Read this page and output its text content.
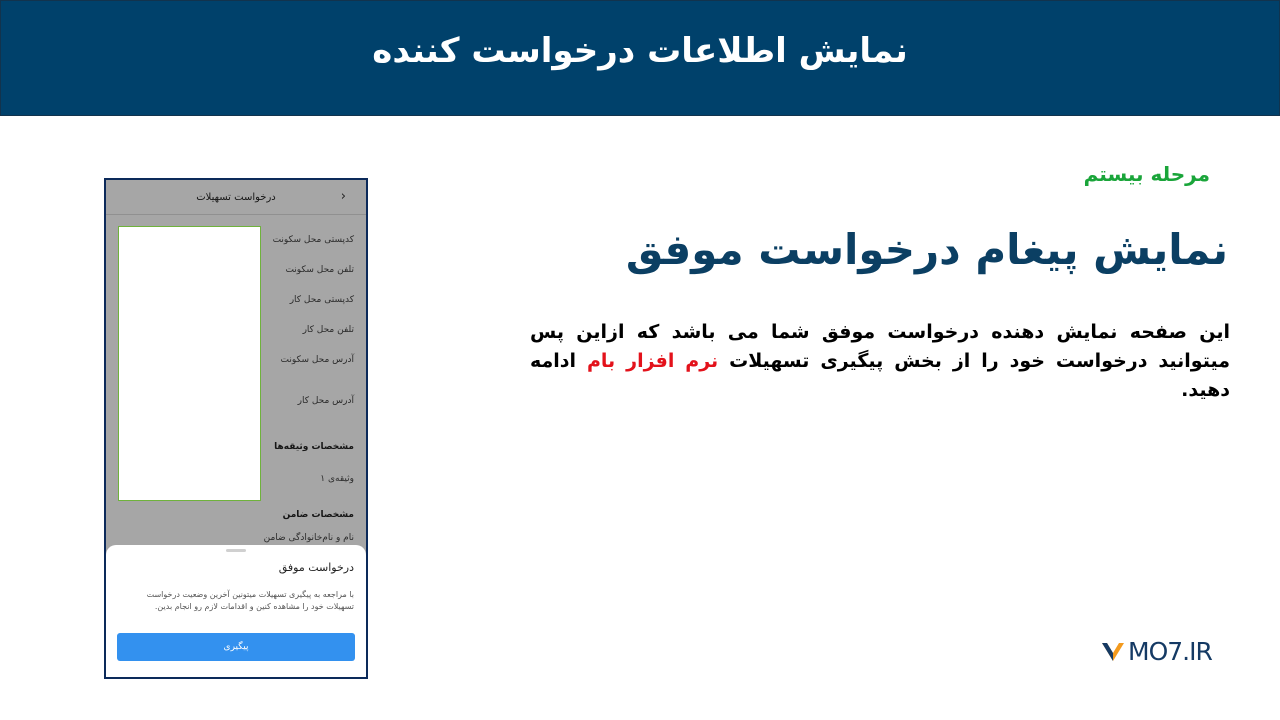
نمایش اطلاعات درخواست کننده
مرحله بیستم
نمایش پیغام درخواست موفق
این صفحه نمایش دهنده درخواست موفق شما می باشد که ازاین پس میتوانید درخواست خود را از بخش پیگیری تسهیلات نرم افزار بام ادامه دهید.
‹
درخواست تسهیلات
کدپستی محل سکونت
تلفن محل سکونت
کدپستی محل کار
تلفن محل کار
آدرس محل سکونت
آدرس محل کار
مشخصات وثیقه‌ها
وثیقه‌ی ۱
مشخصات ضامن
نام و نام‌خانوادگی ضامن
درخواست موفق
با مراجعه به پیگیری تسهیلات میتونین آخرین وضعیت درخواست تسهیلات خود را مشاهده کنین و اقدامات لازم رو انجام بدین.
پیگیری	MO7.IR
